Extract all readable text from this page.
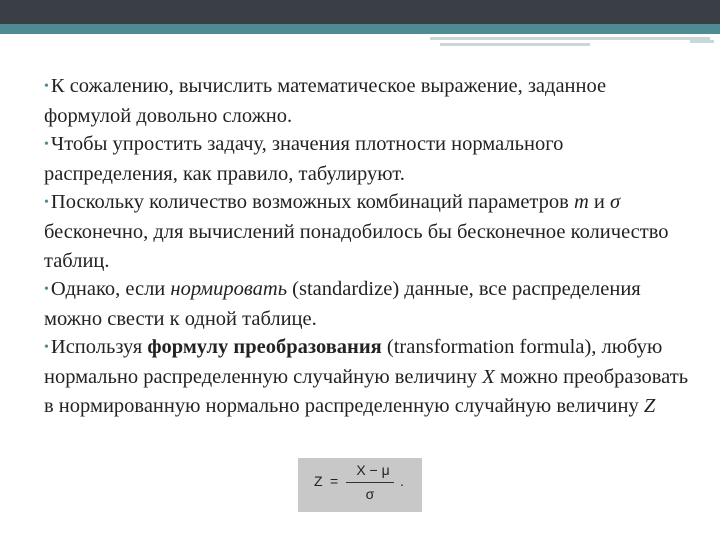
•К сожалению, вычислить математическое выражение, заданное формулой довольно сложно.
•Чтобы упростить задачу, значения плотности нормального распределения, как правило, табулируют.
•Поскольку количество возможных комбинаций параметров m и σ бесконечно, для вычислений понадобилось бы бесконечное количество таблиц.
•Однако, если нормировать (standardize) данные, все распределения можно свести к одной таблице.
•Используя формулу преобразования (transformation formula), любую нормально распределенную случайную величину X можно преобразовать в нормированную нормально распределенную случайную величину Z
Z =
X − μ
σ
.
